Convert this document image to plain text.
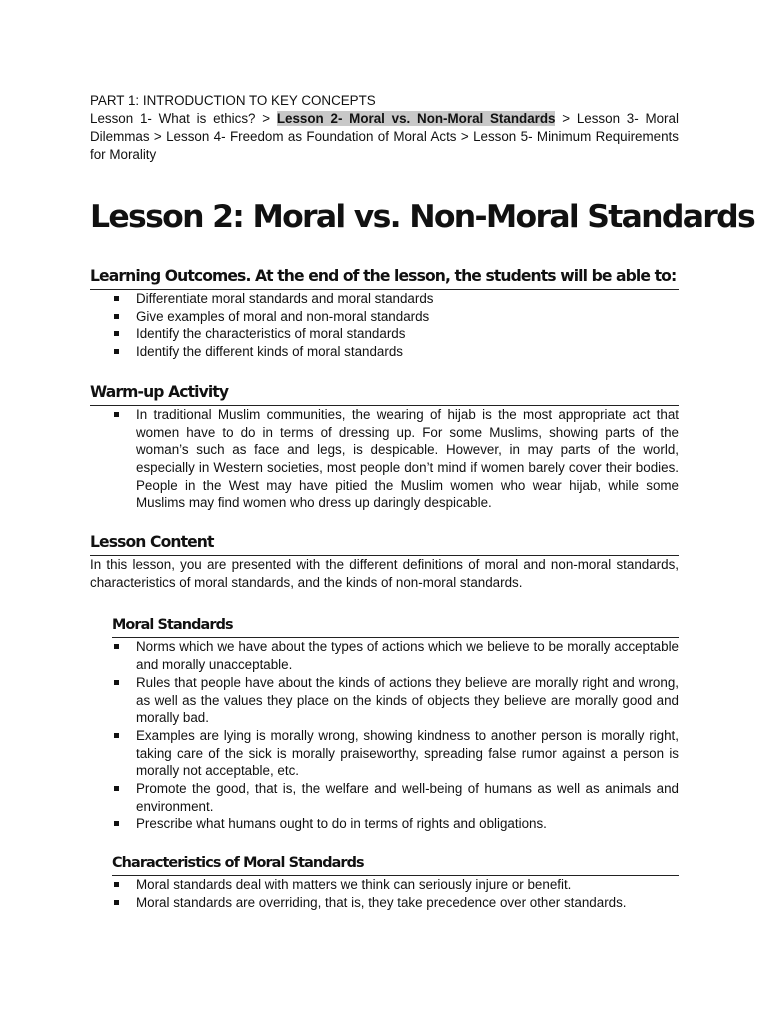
PART 1: INTRODUCTION TO KEY CONCEPTS

Lesson 1- What is ethics? > Lesson 2- Moral vs. Non-Moral Standards > Lesson 3- Moral Dilemmas > Lesson 4- Freedom as Foundation of Moral Acts > Lesson 5- Minimum Requirements for Morality

Lesson 2: Moral vs. Non-Moral Standards
Learning Outcomes. At the end of the lesson, the students will be able to:
Differentiate moral standards and moral standards
Give examples of moral and non-moral standards
Identify the characteristics of moral standards
Identify the different kinds of moral standards
Warm-up Activity
In traditional Muslim communities, the wearing of hijab is the most appropriate act that women have to do in terms of dressing up. For some Muslims, showing parts of the woman’s such as face and legs, is despicable. However, in may parts of the world, especially in Western societies, most people don’t mind if women barely cover their bodies. People in the West may have pitied the Muslim women who wear hijab, while some Muslims may find women who dress up daringly despicable.
Lesson Content

In this lesson, you are presented with the different definitions of moral and non-moral standards, characteristics of moral standards, and the kinds of non-moral standards.

Moral Standards
Norms which we have about the types of actions which we believe to be morally acceptable and morally unacceptable.
Rules that people have about the kinds of actions they believe are morally right and wrong, as well as the values they place on the kinds of objects they believe are morally good and morally bad.
Examples are lying is morally wrong, showing kindness to another person is morally right, taking care of the sick is morally praiseworthy, spreading false rumor against a person is morally not acceptable, etc.
Promote the good, that is, the welfare and well-being of humans as well as animals and environment.
Prescribe what humans ought to do in terms of rights and obligations.
Characteristics of Moral Standards
Moral standards deal with matters we think can seriously injure or benefit.
Moral standards are overriding, that is, they take precedence over other standards.
